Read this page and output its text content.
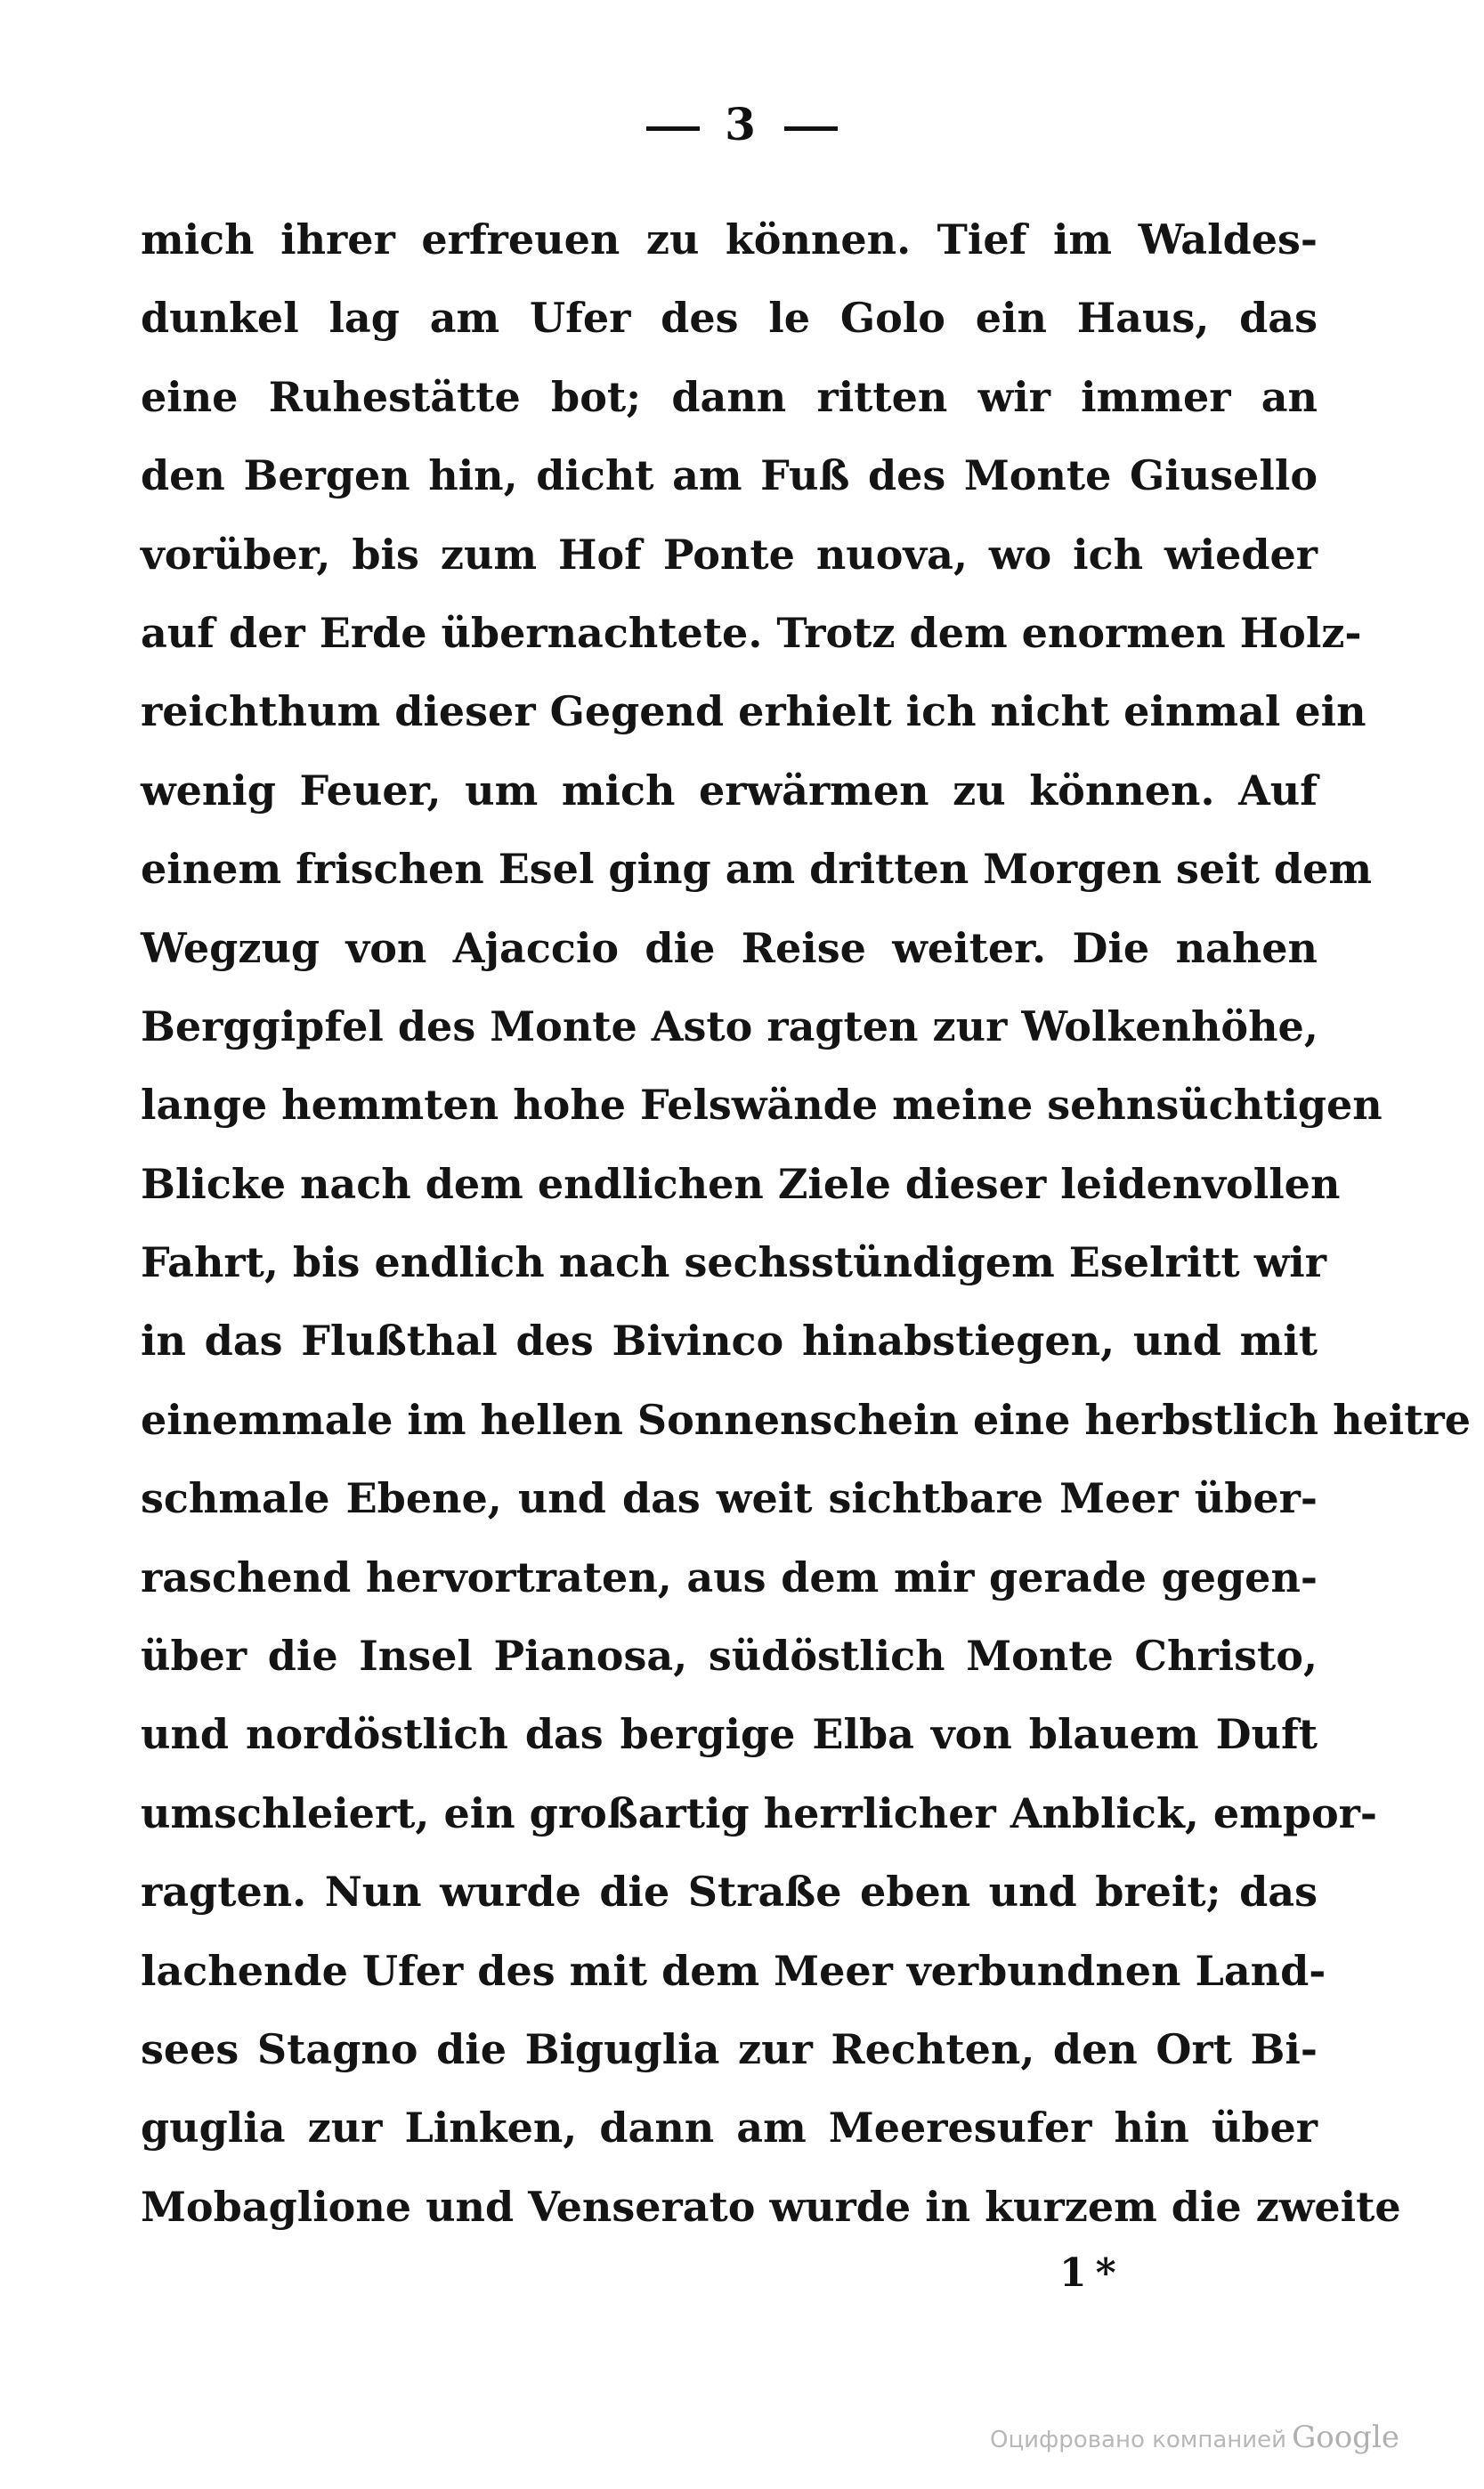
3
mich ihrer erfreuen zu können. Tief im Waldes-
dunkel lag am Ufer des le Golo ein Haus, das
eine Ruhestätte bot; dann ritten wir immer an
den Bergen hin, dicht am Fuß des Monte Giusello
vorüber, bis zum Hof Ponte nuova, wo ich wieder
auf der Erde übernachtete. Trotz dem enormen Holz-
reichthum dieser Gegend erhielt ich nicht einmal ein
wenig Feuer, um mich erwärmen zu können. Auf
einem frischen Esel ging am dritten Morgen seit dem
Wegzug von Ajaccio die Reise weiter. Die nahen
Berggipfel des Monte Asto ragten zur Wolkenhöhe,
lange hemmten hohe Felswände meine sehnsüchtigen
Blicke nach dem endlichen Ziele dieser leidenvollen
Fahrt, bis endlich nach sechsstündigem Eselritt wir
in das Flußthal des Bivinco hinabstiegen, und mit
einemmale im hellen Sonnenschein eine herbstlich heitre
schmale Ebene, und das weit sichtbare Meer über-
raschend hervortraten, aus dem mir gerade gegen-
über die Insel Pianosa, südöstlich Monte Christo,
und nordöstlich das bergige Elba von blauem Duft
umschleiert, ein großartig herrlicher Anblick, empor-
ragten. Nun wurde die Straße eben und breit; das
lachende Ufer des mit dem Meer verbundnen Land-
sees Stagno die Biguglia zur Rechten, den Ort Bi-
guglia zur Linken, dann am Meeresufer hin über
Mobaglione und Venserato wurde in kurzem die zweite
1*
Оцифровано компанией Google
